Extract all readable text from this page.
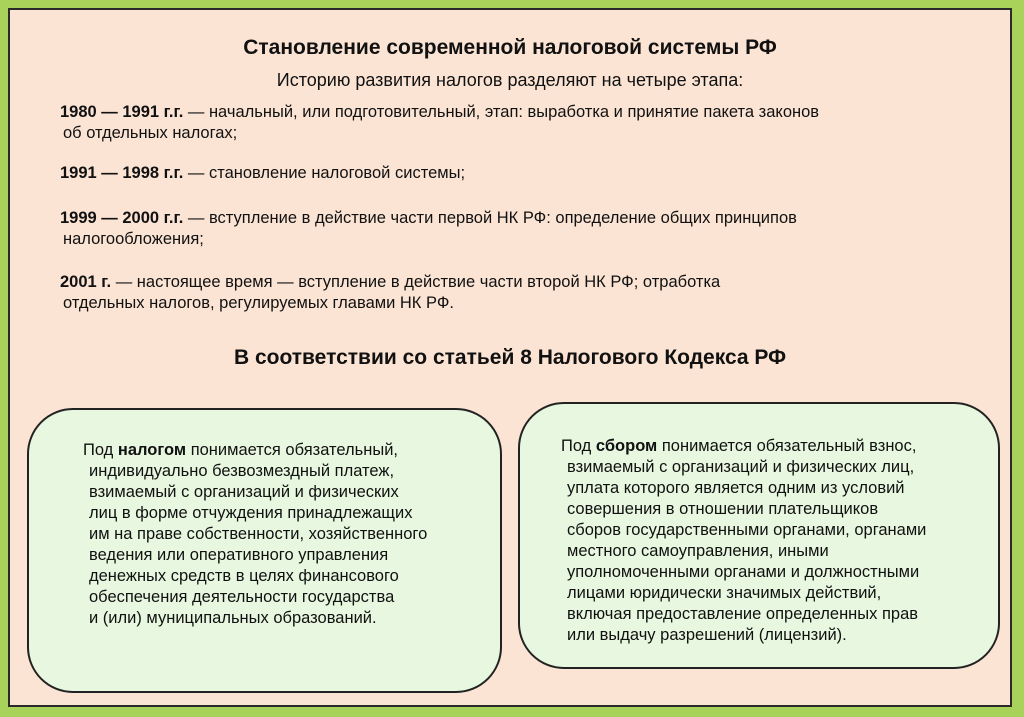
Становление современной налоговой системы РФ
Историю развития налогов разделяют на четыре этапа:
1980 — 1991 г.г. — начальный, или подготовительный, этап: выработка и принятие пакета законов
об отдельных налогах;
1991 — 1998 г.г. — становление налоговой системы;
1999 — 2000 г.г. — вступление в действие части первой НК РФ: определение общих принципов
налогообложения;
2001 г. — настоящее время — вступление в действие части второй НК РФ; отработка
отдельных налогов, регулируемых главами НК РФ.
В соответствии со статьей 8 Налогового Кодекса РФ
Под налогом понимается обязательный,
индивидуально безвозмездный платеж,
взимаемый с организаций и физических
лиц в форме отчуждения принадлежащих
им на праве собственности, хозяйственного
ведения или оперативного управления
денежных средств в целях финансового
обеспечения деятельности государства
и (или) муниципальных образований.
Под сбором понимается обязательный взнос,
взимаемый с организаций и физических лиц,
уплата которого является одним из условий
совершения в отношении плательщиков
сборов государственными органами, органами
местного самоуправления, иными
уполномоченными органами и должностными
лицами юридически значимых действий,
включая предоставление определенных прав
или выдачу разрешений (лицензий).
